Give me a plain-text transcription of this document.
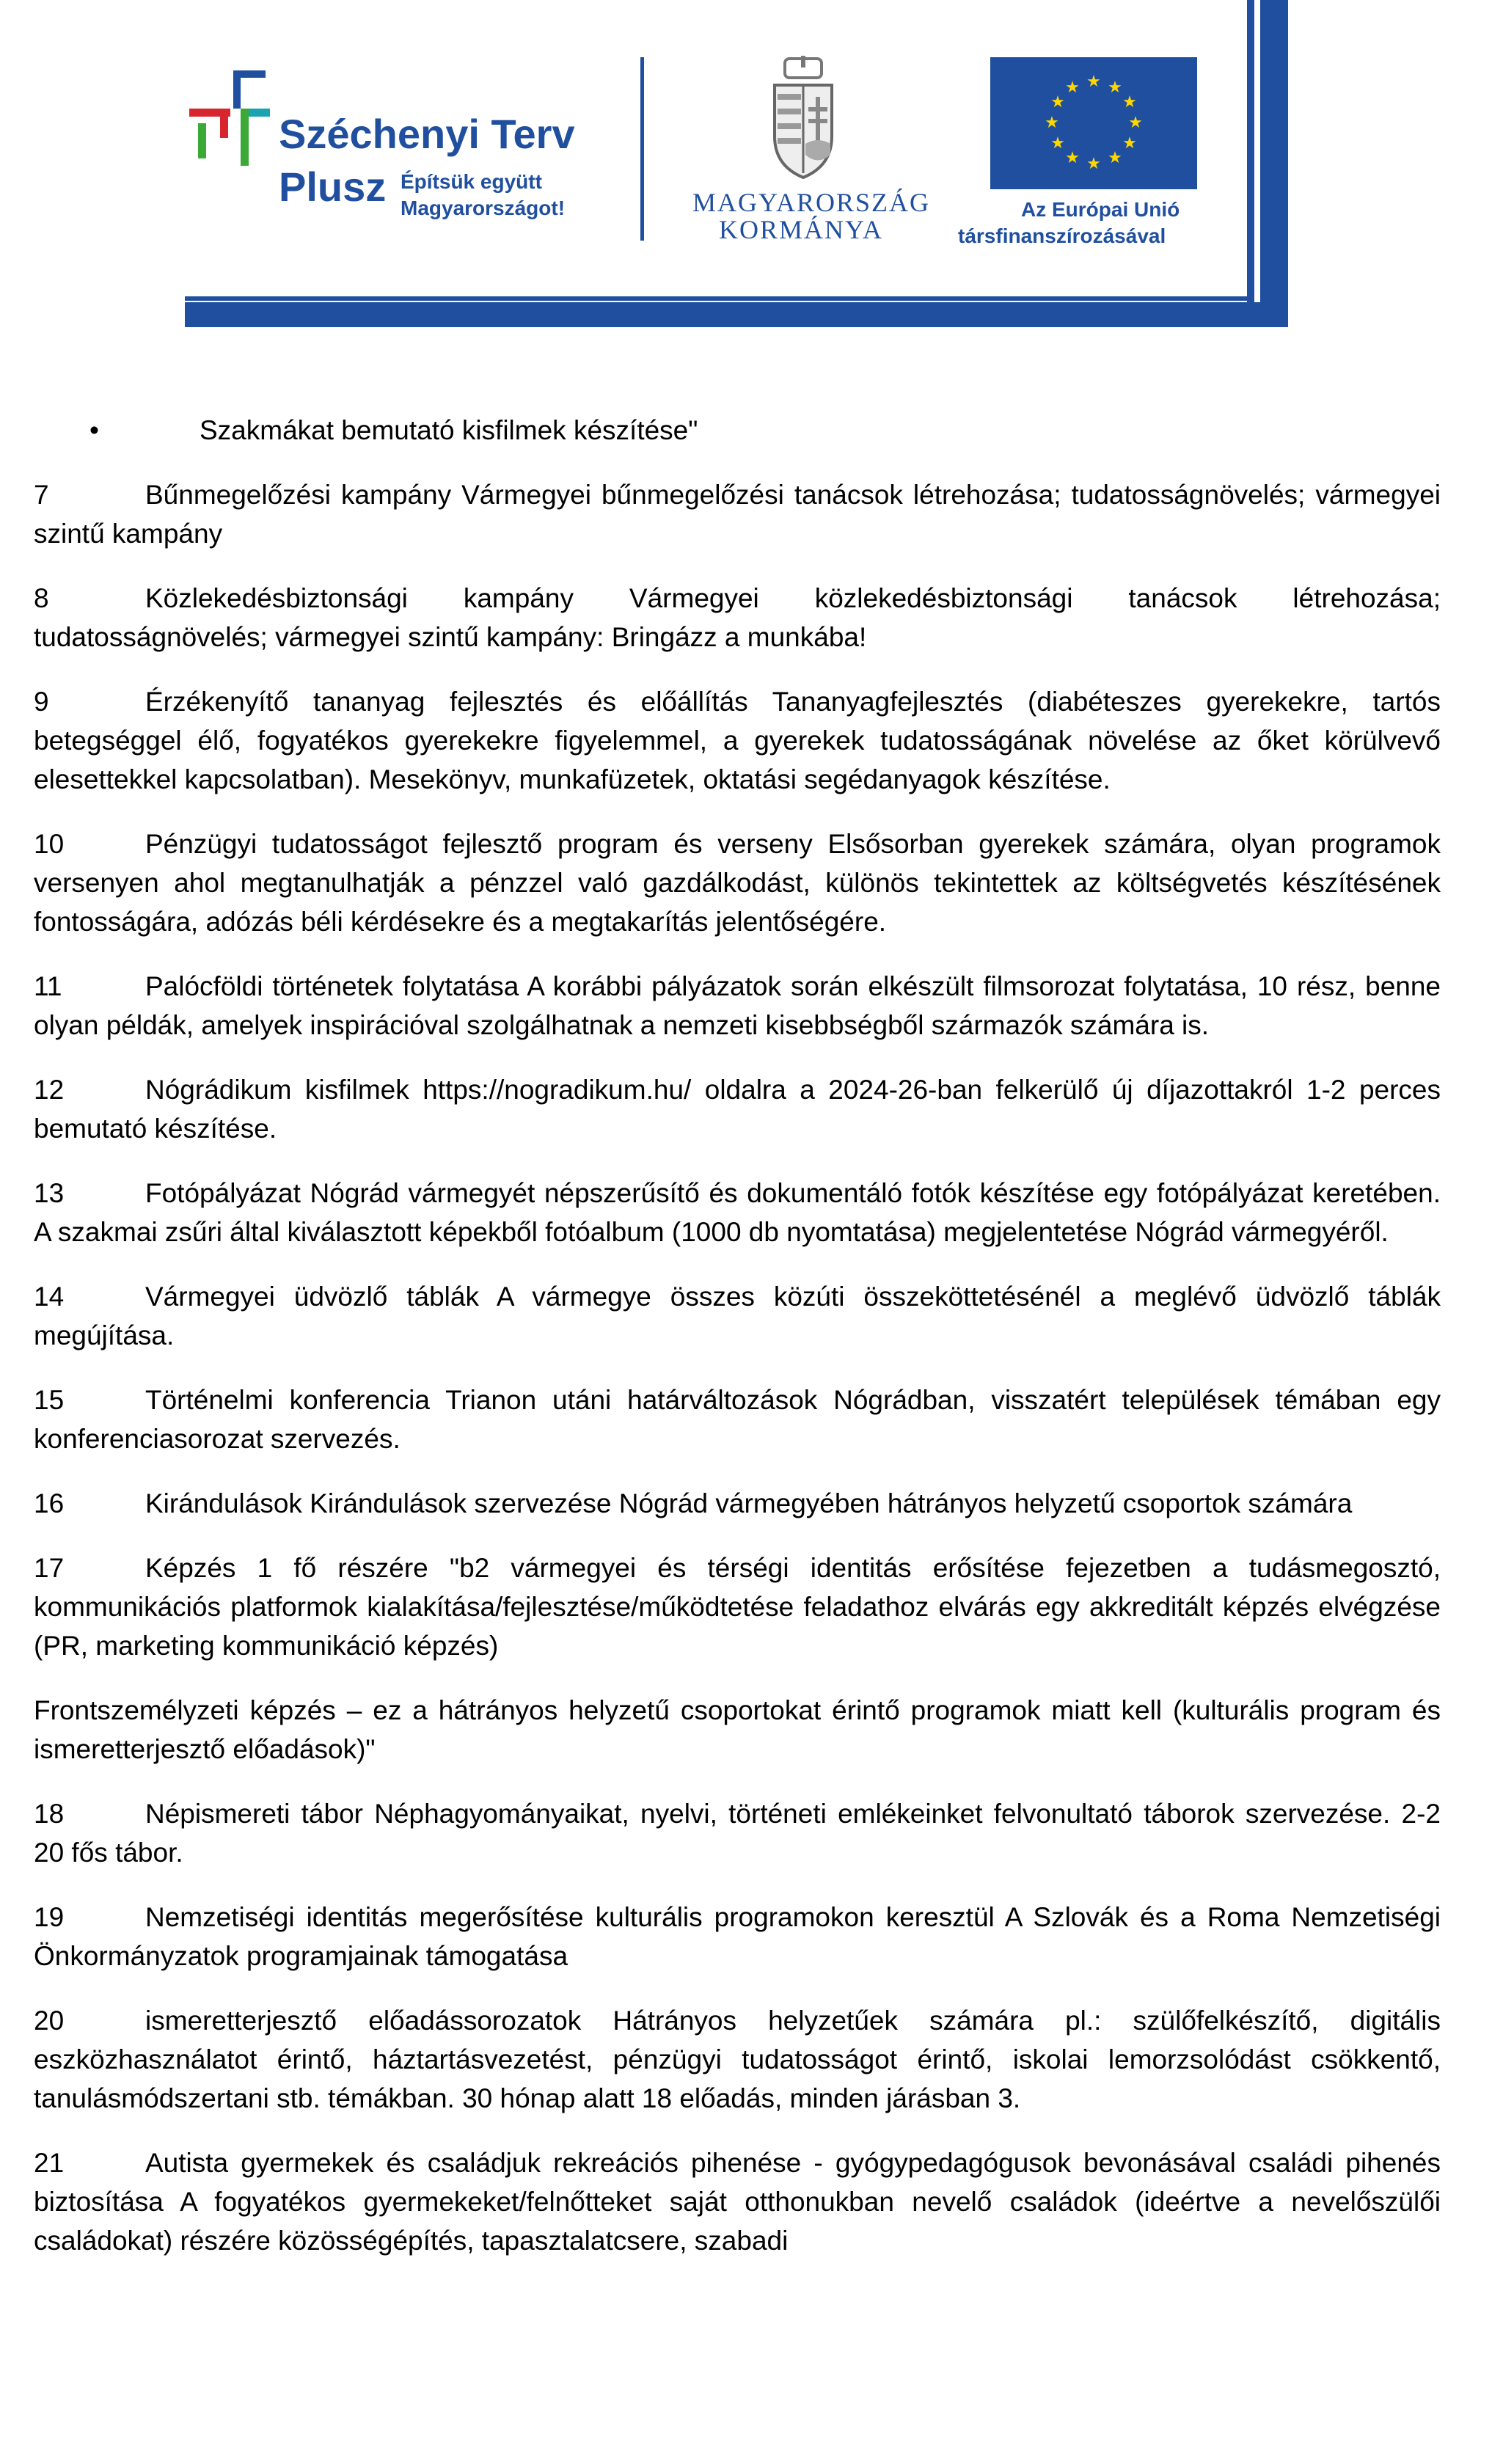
Széchenyi Terv
Plusz Építsük együtt
Magyarországot!	MAGYARORSZÁG
KORMÁNYA
★ ★
★
★
★
★
★
★
★
★
★
★
Az Európai Unió
társfinanszírozásával
•	Szakmákat bemutató kisfilmek készítése"

7	Bűnmegelőzési kampány Vármegyei bűnmegelőzési tanácsok létrehozása; tudatosságnövelés; vármegyei szintű kampány

8	Közlekedésbiztonsági kampány Vármegyei közlekedésbiztonsági tanácsok létrehozása; tudatosságnövelés; vármegyei szintű kampány: Bringázz a munkába!

9	Érzékenyítő tananyag fejlesztés és előállítás Tananyagfejlesztés (diabéteszes gyerekekre, tartós betegséggel élő, fogyatékos gyerekekre figyelemmel, a gyerekek tudatosságának növelése az őket körülvevő elesettekkel kapcsolatban). Mesekönyv, munkafüzetek, oktatási segédanyagok készítése.

10	Pénzügyi tudatosságot fejlesztő program és verseny Elsősorban gyerekek számára, olyan programok versenyen ahol megtanulhatják a pénzzel való gazdálkodást, különös tekintettek az költségvetés készítésének fontosságára, adózás béli kérdésekre és a megtakarítás jelentőségére.

11	Palócföldi történetek folytatása A korábbi pályázatok során elkészült filmsorozat folytatása, 10 rész, benne olyan példák, amelyek inspirációval szolgálhatnak a nemzeti kisebbségből származók számára is.

12	Nógrádikum kisfilmek https://nogradikum.hu/ oldalra a 2024-26-ban felkerülő új díjazottakról 1-2 perces bemutató készítése.

13	Fotópályázat Nógrád vármegyét népszerűsítő és dokumentáló fotók készítése egy fotópályázat keretében. A szakmai zsűri által kiválasztott képekből fotóalbum (1000 db nyomtatása) megjelentetése Nógrád vármegyéről.

14	Vármegyei üdvözlő táblák A vármegye összes közúti összeköttetésénél a meglévő üdvözlő táblák megújítása.

15	Történelmi konferencia Trianon utáni határváltozások Nógrádban, visszatért települések témában egy konferenciasorozat szervezés.

16	Kirándulások Kirándulások szervezése Nógrád vármegyében hátrányos helyzetű csoportok számára

17	Képzés 1 fő részére "b2 vármegyei és térségi identitás erősítése fejezetben a tudásmegosztó, kommunikációs platformok kialakítása/fejlesztése/működtetése feladathoz elvárás egy akkreditált képzés elvégzése (PR, marketing kommunikáció képzés)

Frontszemélyzeti képzés – ez a hátrányos helyzetű csoportokat érintő programok miatt kell (kulturális program és ismeretterjesztő előadások)"

18	Népismereti tábor Néphagyományaikat, nyelvi, történeti emlékeinket felvonultató táborok szervezése. 2-2 20 fős tábor.

19	Nemzetiségi identitás megerősítése kulturális programokon keresztül A Szlovák és a Roma Nemzetiségi Önkormányzatok programjainak támogatása

20	ismeretterjesztő előadássorozatok Hátrányos helyzetűek számára pl.: szülőfelkészítő, digitális eszközhasználatot érintő, háztartásvezetést, pénzügyi tudatosságot érintő, iskolai lemorzsolódást csökkentő, tanulásmódszertani stb. témákban. 30 hónap alatt 18 előadás, minden járásban 3.

21	Autista gyermekek és családjuk rekreációs pihenése - gyógypedagógusok bevonásával családi pihenés biztosítása A fogyatékos gyermekeket/felnőtteket saját otthonukban nevelő családok (ideértve a nevelőszülői családokat) részére közösségépítés, tapasztalatcsere, szabadi
